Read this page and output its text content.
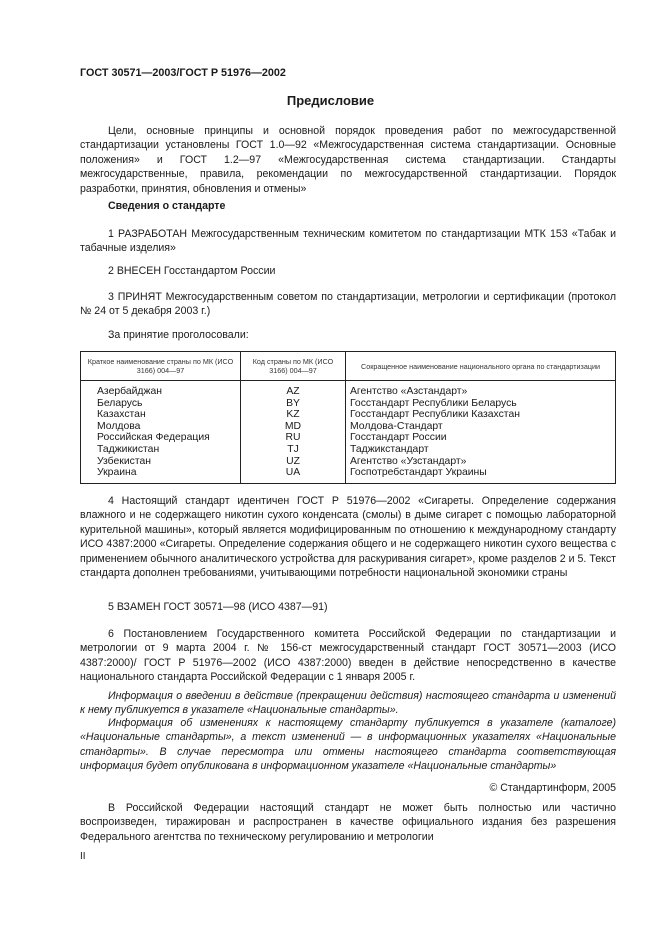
ГОСТ 30571—2003/ГОСТ Р 51976—2002
Предисловие
Цели, основные принципы и основной порядок проведения работ по межгосударственной стандартизации установлены ГОСТ 1.0—92 «Межгосударственная система стандартизации. Основные положения» и ГОСТ 1.2—97 «Межгосударственная система стандартизации. Стандарты межгосударственные, правила, рекомендации по межгосударственной стандартизации. Порядок разработки, принятия, обновления и отмены»
Сведения о стандарте
1 РАЗРАБОТАН Межгосударственным техническим комитетом по стандартизации МТК 153 «Табак и табачные изделия»
2 ВНЕСЕН Госстандартом России
3 ПРИНЯТ Межгосударственным советом по стандартизации, метрологии и сертификации (протокол № 24 от 5 декабря 2003 г.)
За принятие проголосовали:
Краткое наименование страны по МК (ИСО 3166) 004—97	Код страны по МК (ИСО 3166) 004—97	Сокращенное наименование национального органа по стандартизации
Азербайджан	AZ	Агентство «Азстандарт»
Беларусь	BY	Госстандарт Республики Беларусь
Казахстан	KZ	Госстандарт Республики Казахстан
Молдова	MD	Молдова-Стандарт
Российская Федерация	RU	Госстандарт России
Таджикистан	TJ	Таджикстандарт
Узбекистан	UZ	Агентство «Узстандарт»
Украина	UA	Госпотребстандарт Украины
4 Настоящий стандарт идентичен ГОСТ Р 51976—2002 «Сигареты. Определение содержания влажного и не содержащего никотин сухого конденсата (смолы) в дыме сигарет с помощью лабораторной курительной машины», который является модифицированным по отношению к международному стандарту ИСО 4387:2000 «Сигареты. Определение содержания общего и не содержащего никотин сухого вещества с применением обычного аналитического устройства для раскуривания сигарет», кроме разделов 2 и 5. Текст стандарта дополнен требованиями, учитывающими потребности национальной экономики страны
5 ВЗАМЕН ГОСТ 30571—98 (ИСО 4387—91)
6 Постановлением Государственного комитета Российской Федерации по стандартизации и метрологии от 9 марта 2004 г. № 156-ст межгосударственный стандарт ГОСТ 30571—2003 (ИСО 4387:2000)/ ГОСТ Р 51976—2002 (ИСО 4387:2000) введен в действие непосредственно в качестве национального стандарта Российской Федерации с 1 января 2005 г.
Информация о введении в действие (прекращении действия) настоящего стандарта и изменений к нему публикуется в указателе «Национальные стандарты».
Информация об изменениях к настоящему стандарту публикуется в указателе (каталоге) «Национальные стандарты», а текст изменений — в информационных указателях «Национальные стандарты». В случае пересмотра или отмены настоящего стандарта соответствующая информация будет опубликована в информационном указателе «Национальные стандарты»
© Стандартинформ, 2005
В Российской Федерации настоящий стандарт не может быть полностью или частично воспроизведен, тиражирован и распространен в качестве официального издания без разрешения Федерального агентства по техническому регулированию и метрологии
II
